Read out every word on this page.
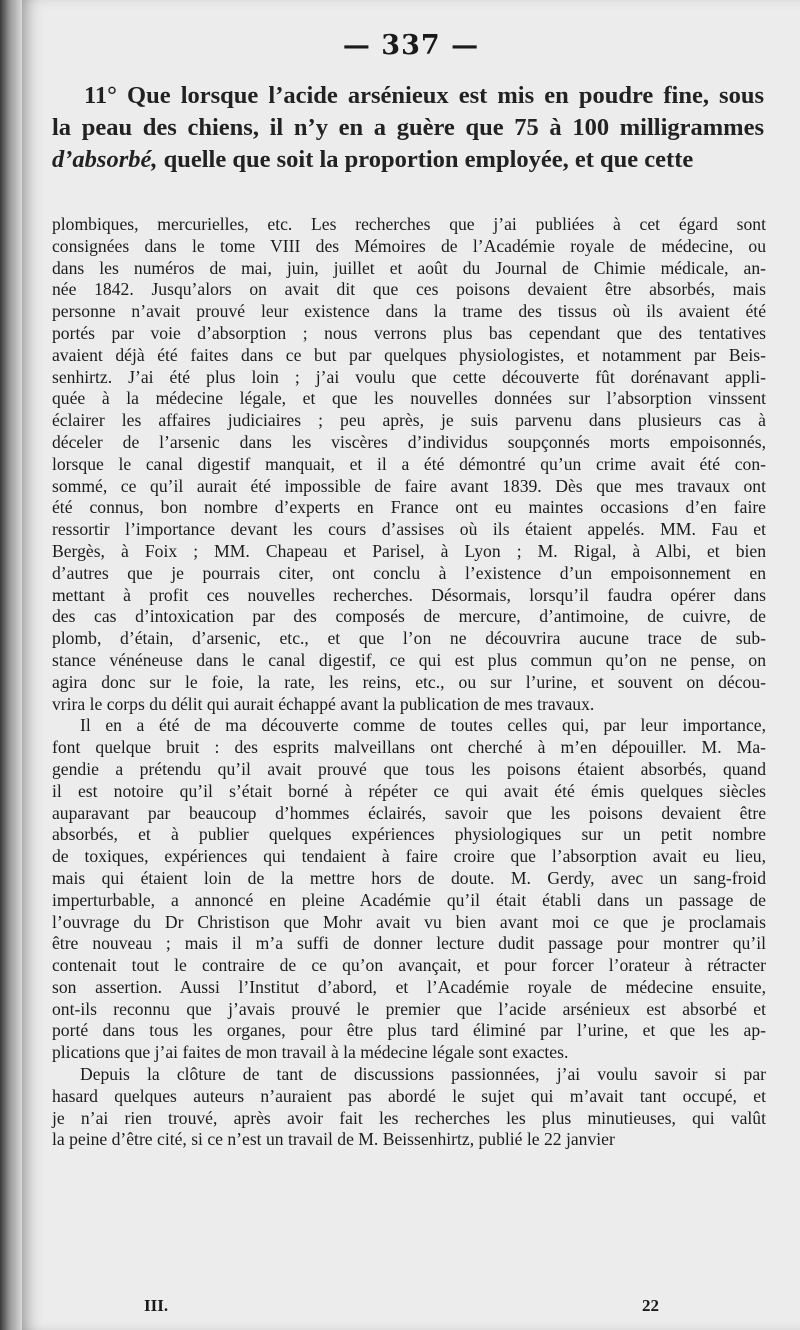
— 337 —
11° Que lorsque l’acide arsénieux est mis en poudre fine, sous
la peau des chiens, il n’y en a guère que 75 à 100 milligrammes
d’absorbé, quelle que soit la proportion employée, et que cette
plombiques, mercurielles, etc. Les recherches que j’ai publiées à cet égard sont
consignées dans le tome VIII des Mémoires de l’Académie royale de médecine, ou
dans les numéros de mai, juin, juillet et août du Journal de Chimie médicale, an-
née 1842. Jusqu’alors on avait dit que ces poisons devaient être absorbés, mais
personne n’avait prouvé leur existence dans la trame des tissus où ils avaient été
portés par voie d’absorption ; nous verrons plus bas cependant que des tentatives
avaient déjà été faites dans ce but par quelques physiologistes, et notamment par Beis-
senhirtz. J’ai été plus loin ; j’ai voulu que cette découverte fût dorénavant appli-
quée à la médecine légale, et que les nouvelles données sur l’absorption vinssent
éclairer les affaires judiciaires ; peu après, je suis parvenu dans plusieurs cas à
déceler de l’arsenic dans les viscères d’individus soupçonnés morts empoisonnés,
lorsque le canal digestif manquait, et il a été démontré qu’un crime avait été con-
sommé, ce qu’il aurait été impossible de faire avant 1839. Dès que mes travaux ont
été connus, bon nombre d’experts en France ont eu maintes occasions d’en faire
ressortir l’importance devant les cours d’assises où ils étaient appelés. MM. Fau et
Bergès, à Foix ; MM. Chapeau et Parisel, à Lyon ; M. Rigal, à Albi, et bien
d’autres que je pourrais citer, ont conclu à l’existence d’un empoisonnement en
mettant à profit ces nouvelles recherches. Désormais, lorsqu’il faudra opérer dans
des cas d’intoxication par des composés de mercure, d’antimoine, de cuivre, de
plomb, d’étain, d’arsenic, etc., et que l’on ne découvrira aucune trace de sub-
stance vénéneuse dans le canal digestif, ce qui est plus commun qu’on ne pense, on
agira donc sur le foie, la rate, les reins, etc., ou sur l’urine, et souvent on décou-
vrira le corps du délit qui aurait échappé avant la publication de mes travaux.
Il en a été de ma découverte comme de toutes celles qui, par leur importance,
font quelque bruit : des esprits malveillans ont cherché à m’en dépouiller. M. Ma-
gendie a prétendu qu’il avait prouvé que tous les poisons étaient absorbés, quand
il est notoire qu’il s’était borné à répéter ce qui avait été émis quelques siècles
auparavant par beaucoup d’hommes éclairés, savoir que les poisons devaient être
absorbés, et à publier quelques expériences physiologiques sur un petit nombre
de toxiques, expériences qui tendaient à faire croire que l’absorption avait eu lieu,
mais qui étaient loin de la mettre hors de doute. M. Gerdy, avec un sang-froid
imperturbable, a annoncé en pleine Académie qu’il était établi dans un passage de
l’ouvrage du Dr Christison que Mohr avait vu bien avant moi ce que je proclamais
être nouveau ; mais il m’a suffi de donner lecture dudit passage pour montrer qu’il
contenait tout le contraire de ce qu’on avançait, et pour forcer l’orateur à rétracter
son assertion. Aussi l’Institut d’abord, et l’Académie royale de médecine ensuite,
ont-ils reconnu que j’avais prouvé le premier que l’acide arsénieux est absorbé et
porté dans tous les organes, pour être plus tard éliminé par l’urine, et que les ap-
plications que j’ai faites de mon travail à la médecine légale sont exactes.
Depuis la clôture de tant de discussions passionnées, j’ai voulu savoir si par
hasard quelques auteurs n’auraient pas abordé le sujet qui m’avait tant occupé, et
je n’ai rien trouvé, après avoir fait les recherches les plus minutieuses, qui valût
la peine d’être cité, si ce n’est un travail de M. Beissenhirtz, publié le 22 janvier
III.	22
